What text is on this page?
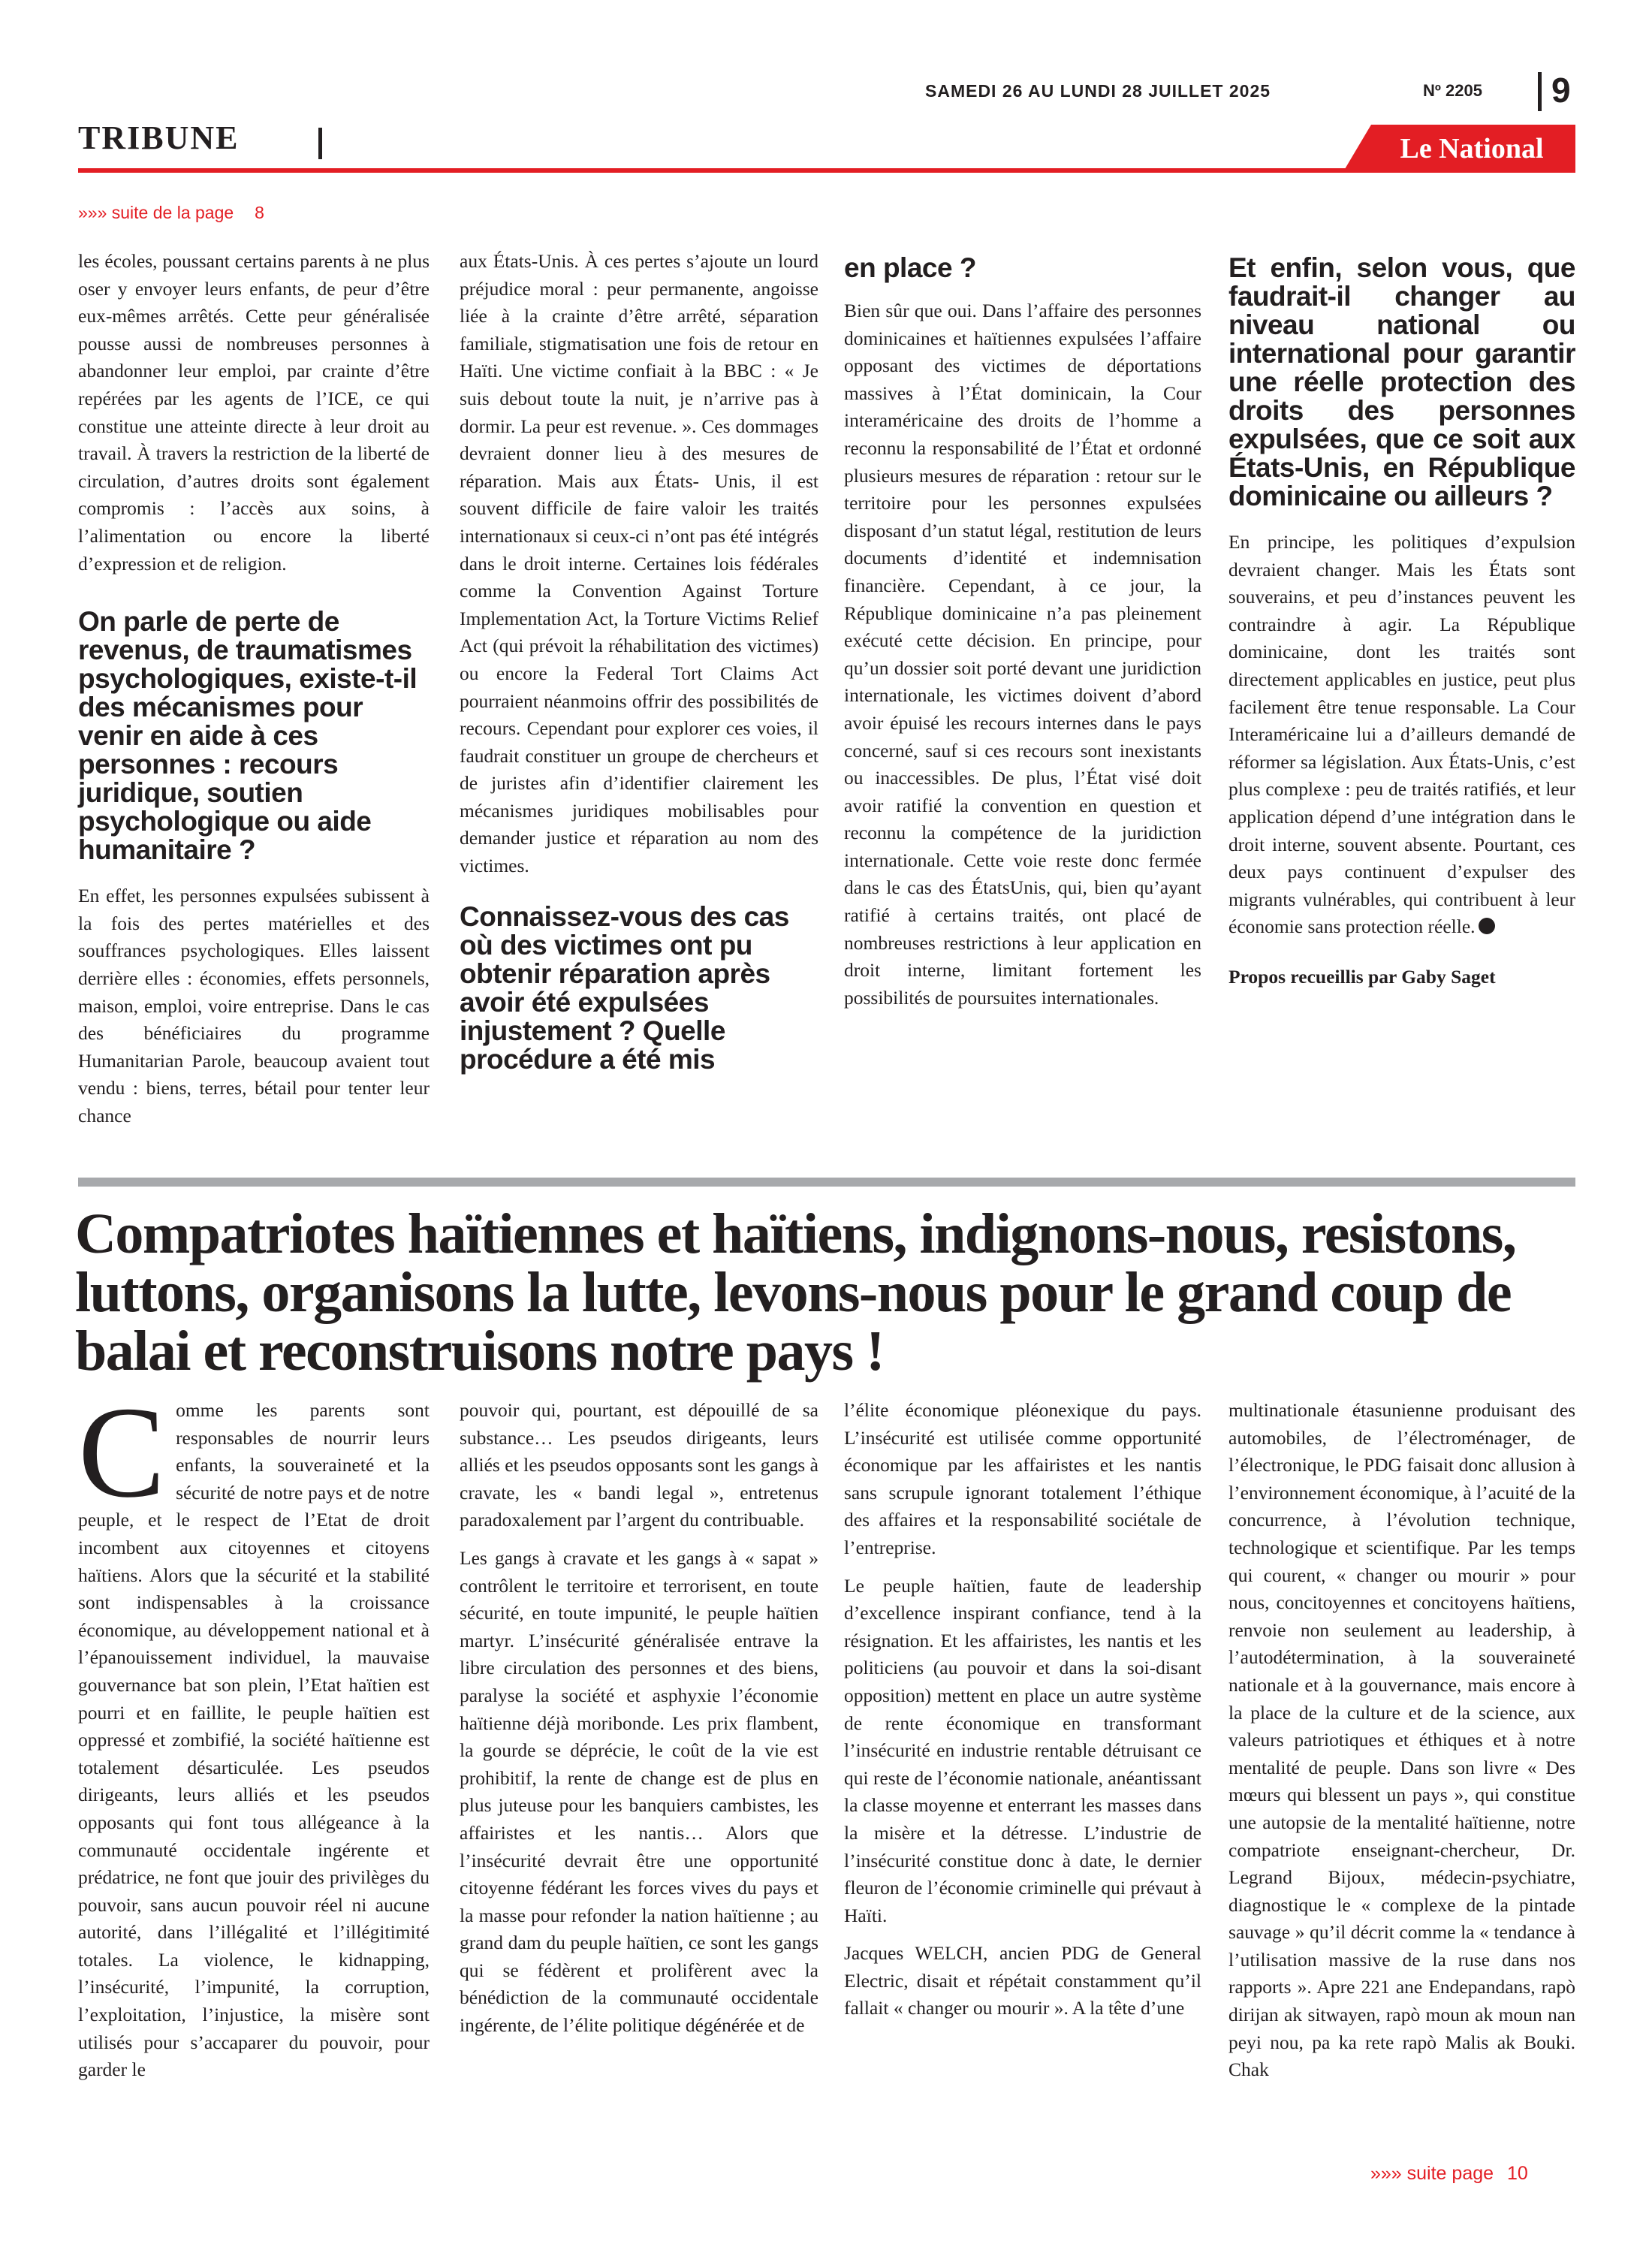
SAMEDI 26 AU LUNDI 28 JUILLET 2025	Nº 2205 9
TRIBUNE	Le National
»»» suite de la page 8

les écoles, poussant certains parents à ne plus oser y envoyer leurs enfants, de peur d’être eux-mêmes arrêtés. Cette peur généralisée pousse aussi de nombreuses personnes à abandonner leur emploi, par crainte d’être repérées par les agents de l’ICE, ce qui constitue une atteinte directe à leur droit au travail. À travers la restriction de la liberté de circulation, d’autres droits sont également compromis : l’accès aux soins, à l’alimentation ou encore la liberté d’expression et de religion.

On parle de perte de revenus, de traumatismes psychologiques, existe-t-il des mécanismes pour venir en aide à ces personnes : recours juridique, soutien psychologique ou aide humanitaire ?

En effet, les personnes expulsées subissent à la fois des pertes matérielles et des souffrances psychologiques. Elles laissent derrière elles : économies, effets personnels, maison, emploi, voire entreprise. Dans le cas des bénéficiaires du programme Humanitarian Parole, beaucoup avaient tout vendu : biens, terres, bétail pour tenter leur chance

aux États-Unis. À ces pertes s’ajoute un lourd préjudice moral : peur permanente, angoisse liée à la crainte d’être arrêté, séparation familiale, stigmatisation une fois de retour en Haïti. Une victime confiait à la BBC : « Je suis debout toute la nuit, je n’arrive pas à dormir. La peur est revenue. ». Ces dommages devraient donner lieu à des mesures de réparation. Mais aux États- Unis, il est souvent difficile de faire valoir les traités internationaux si ceux-ci n’ont pas été intégrés dans le droit interne. Certaines lois fédérales comme la Convention Against Torture Implementation Act, la Torture Victims Relief Act (qui prévoit la réhabilitation des victimes) ou encore la Federal Tort Claims Act pourraient néanmoins offrir des possibilités de recours. Cependant pour explorer ces voies, il faudrait constituer un groupe de chercheurs et de juristes afin d’identifier clairement les mécanismes juridiques mobilisables pour demander justice et réparation au nom des victimes.

Connaissez-vous des cas où des victimes ont pu obtenir réparation après avoir été expulsées injustement ? Quelle procédure a été mis
en place ?

Bien sûr que oui. Dans l’affaire des personnes dominicaines et haïtiennes expulsées l’affaire opposant des victimes de déportations massives à l’État dominicain, la Cour interaméricaine des droits de l’homme a reconnu la responsabilité de l’État et ordonné plusieurs mesures de réparation : retour sur le territoire pour les personnes expulsées disposant d’un statut légal, restitution de leurs documents d’identité et indemnisation financière. Cependant, à ce jour, la République dominicaine n’a pas pleinement exécuté cette décision. En principe, pour qu’un dossier soit porté devant une juridiction internationale, les victimes doivent d’abord avoir épuisé les recours internes dans le pays concerné, sauf si ces recours sont inexistants ou inaccessibles. De plus, l’État visé doit avoir ratifié la convention en question et reconnu la compétence de la juridiction internationale. Cette voie reste donc fermée dans le cas des ÉtatsUnis, qui, bien qu’ayant ratifié à certains traités, ont placé de nombreuses restrictions à leur application en droit interne, limitant fortement les possibilités de poursuites internationales.

Et enfin, selon vous, que faudrait-il changer au niveau national ou international pour garantir une réelle protection des droits des personnes expulsées, que ce soit aux États-Unis, en République dominicaine ou ailleurs ?

En principe, les politiques d’expulsion devraient changer. Mais les États sont souverains, et peu d’instances peuvent les contraindre à agir. La République dominicaine, dont les traités sont directement applicables en justice, peut plus facilement être tenue responsable. La Cour Interaméricaine lui a d’ailleurs demandé de réformer sa législation. Aux États-Unis, c’est plus complexe : peu de traités ratifiés, et leur application dépend d’une intégration dans le droit interne, souvent absente. Pourtant, ces deux pays continuent d’expulser des migrants vulnérables, qui contribuent à leur économie sans protection réelle.

Propos recueillis par Gaby Saget

Compatriotes haïtiennes et haïtiens, indignons-nous, resistons, luttons, organisons la lutte, levons-nous pour le grand coup de balai et reconstruisons notre pays !

Comme les parents sont responsables de nourrir leurs enfants, la souveraineté et la sécurité de notre pays et de notre peuple, et le respect de l’Etat de droit incombent aux citoyennes et citoyens haïtiens. Alors que la sécurité et la stabilité sont indispensables à la croissance économique, au développement national et à l’épanouissement individuel, la mauvaise gouvernance bat son plein, l’Etat haïtien est pourri et en faillite, le peuple haïtien est oppressé et zombifié, la société haïtienne est totalement désarticulée. Les pseudos dirigeants, leurs alliés et les pseudos opposants qui font tous allégeance à la communauté occidentale ingérente et prédatrice, ne font que jouir des privilèges du pouvoir, sans aucun pouvoir réel ni aucune autorité, dans l’illégalité et l’illégitimité totales. La violence, le kidnapping, l’insécurité, l’impunité, la corruption, l’exploitation, l’injustice, la misère sont utilisés pour s’accaparer du pouvoir, pour garder le

pouvoir qui, pourtant, est dépouillé de sa substance… Les pseudos dirigeants, leurs alliés et les pseudos opposants sont les gangs à cravate, les « bandi legal », entretenus paradoxalement par l’argent du contribuable.

Les gangs à cravate et les gangs à « sapat » contrôlent le territoire et terrorisent, en toute sécurité, en toute impunité, le peuple haïtien martyr. L’insécurité généralisée entrave la libre circulation des personnes et des biens, paralyse la société et asphyxie l’économie haïtienne déjà moribonde. Les prix flambent, la gourde se déprécie, le coût de la vie est prohibitif, la rente de change est de plus en plus juteuse pour les banquiers cambistes, les affairistes et les nantis… Alors que l’insécurité devrait être une opportunité citoyenne fédérant les forces vives du pays et la masse pour refonder la nation haïtienne ; au grand dam du peuple haïtien, ce sont les gangs qui se fédèrent et prolifèrent avec la bénédiction de la communauté occidentale ingérente, de l’élite politique dégénérée et de

l’élite économique pléonexique du pays. L’insécurité est utilisée comme opportunité économique par les affairistes et les nantis sans scrupule ignorant totalement l’éthique des affaires et la responsabilité sociétale de l’entreprise.

Le peuple haïtien, faute de leadership d’excellence inspirant confiance, tend à la résignation. Et les affairistes, les nantis et les politiciens (au pouvoir et dans la soi-disant opposition) mettent en place un autre système de rente économique en transformant l’insécurité en industrie rentable détruisant ce qui reste de l’économie nationale, anéantissant la classe moyenne et enterrant les masses dans la misère et la détresse. L’industrie de l’insécurité constitue donc à date, le dernier fleuron de l’économie criminelle qui prévaut à Haïti.

Jacques WELCH, ancien PDG de General Electric, disait et répétait constamment qu’il fallait « changer ou mourir ». A la tête d’une

multinationale étasunienne produisant des automobiles, de l’électroménager, de l’électronique, le PDG faisait donc allusion à l’environnement économique, à l’acuité de la concurrence, à l’évolution technique, technologique et scientifique. Par les temps qui courent, « changer ou mourir » pour nous, concitoyennes et concitoyens haïtiens, renvoie non seulement au leadership, à l’autodétermination, à la souveraineté nationale et à la gouvernance, mais encore à la place de la culture et de la science, aux valeurs patriotiques et éthiques et à notre mentalité de peuple. Dans son livre « Des mœurs qui blessent un pays », qui constitue une autopsie de la mentalité haïtienne, notre compatriote enseignant-chercheur, Dr. Legrand Bijoux, médecin-psychiatre, diagnostique le « complexe de la pintade sauvage » qu’il décrit comme la « tendance à l’utilisation massive de la ruse dans nos rapports ». Apre 221 ane Endepandans, rapò dirijan ak sitwayen, rapò moun ak moun nan peyi nou, pa ka rete rapò Malis ak Bouki. Chak

»»» suite page 10
